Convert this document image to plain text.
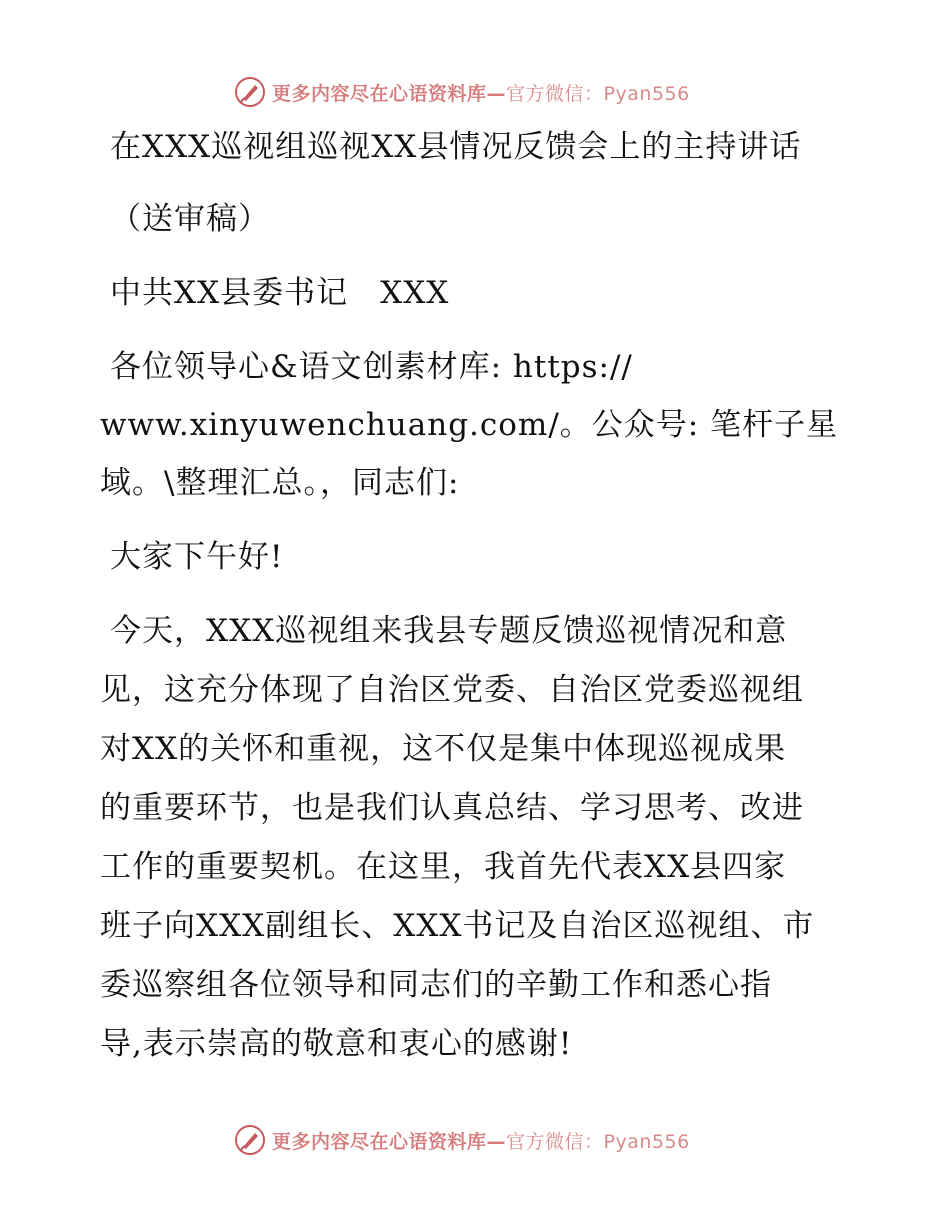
更多内容尽在心语资料库—官方微信：Pyan556
在XXX巡视组巡视XX县情况反馈会上的主持讲话
（送审稿）
中共XX县委书记　XXX
各位领导心&语文创素材库: https://
www.xinyuwenchuang.com/。公众号: 笔杆子星
域。\整理汇总。，同志们:
大家下午好!
今天，XXX巡视组来我县专题反馈巡视情况和意
见，这充分体现了自治区党委、自治区党委巡视组
对XX的关怀和重视，这不仅是集中体现巡视成果
的重要环节，也是我们认真总结、学习思考、改进
工作的重要契机。在这里，我首先代表XX县四家
班子向XXX副组长、XXX书记及自治区巡视组、市
委巡察组各位领导和同志们的辛勤工作和悉心指
导,表示崇高的敬意和衷心的感谢!
更多内容尽在心语资料库—官方微信：Pyan556
